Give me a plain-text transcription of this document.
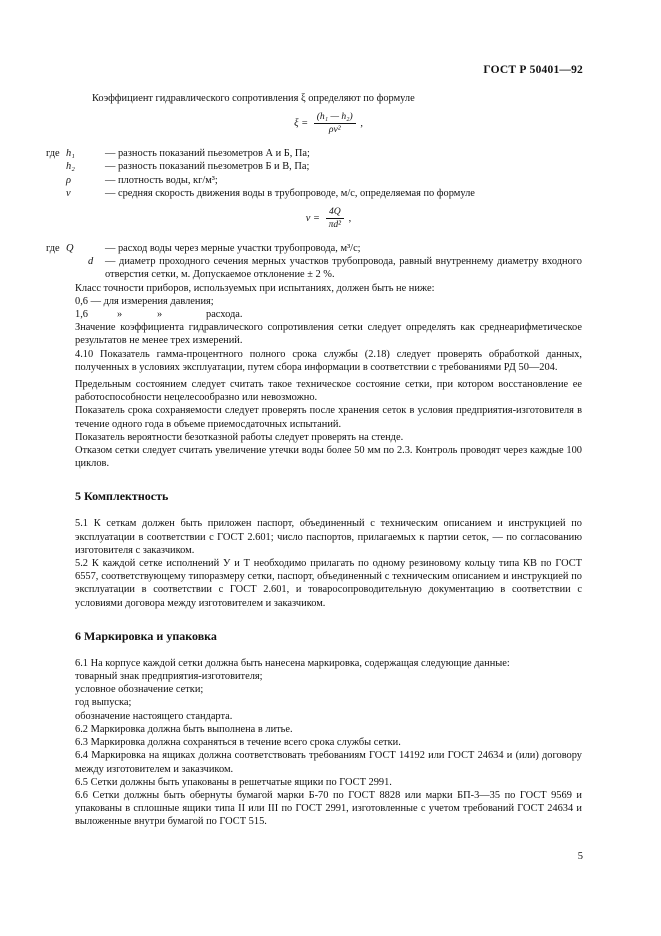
ГОСТ Р 50401—92

Коэффициент гидравлического сопротивления ξ определяют по формуле

$\xi = \frac{\text{(h₁ — h₂)}}{\text{ρv²}}$ ,
где h₁	— разность показаний пьезометров А и Б, Па;
h₂	— разность показаний пьезометров Б и В, Па;
ρ	— плотность воды, кг/м³;
v	— средняя скорость движения воды в трубопроводе, м/с, определяемая по формуле
$v = \frac{4Q}{\text{πd²}}$ ,
где Q	— расход воды через мерные участки трубопровода, м³/с;
d — диаметр проходного сечения мерных участков трубопровода, равный внутреннему диаметру входного отверстия сетки, м. Допускаемое отклонение ± 2 %.

Класс точности приборов, используемых при испытаниях, должен быть не ниже:

0,6 — для измерения давления;

1,6	»	»	расхода.

Значение коэффициента гидравлического сопротивления сетки следует определять как среднеарифметическое результатов не менее трех измерений.

4.10 Показатель гамма-процентного полного срока службы (2.18) следует проверять обработкой данных, полученных в условиях эксплуатации, путем сбора информации в соответствии с требованиями РД 50—204.

Предельным состоянием следует считать такое техническое состояние сетки, при котором восстановление ее работоспособности нецелесообразно или невозможно.

Показатель срока сохраняемости следует проверять после хранения сеток в условия предприятия-изготовителя в течение одного года в объеме приемосдаточных испытаний.

Показатель вероятности безотказной работы следует проверять на стенде.

Отказом сетки следует считать увеличение утечки воды более 50 мм по 2.3. Контроль проводят через каждые 100 циклов.

5 Комплектность

5.1 К сеткам должен быть приложен паспорт, объединенный с техническим описанием и инструкцией по эксплуатации в соответствии с ГОСТ 2.601; число паспортов, прилагаемых к партии сеток, — по согласованию изготовителя с заказчиком.

5.2 К каждой сетке исполнений У и Т необходимо прилагать по одному резиновому кольцу типа КВ по ГОСТ 6557, соответствующему типоразмеру сетки, паспорт, объединенный с техническим описанием и инструкцией по эксплуатации в соответствии с ГОСТ 2.601, и товаросопроводительную документацию в соответствии с условиями договора между изготовителем и заказчиком.

6 Маркировка и упаковка

6.1 На корпусе каждой сетки должна быть нанесена маркировка, содержащая следующие данные:

товарный знак предприятия-изготовителя;

условное обозначение сетки;

год выпуска;

обозначение настоящего стандарта.

6.2 Маркировка должна быть выполнена в литье.

6.3 Маркировка должна сохраняться в течение всего срока службы сетки.

6.4 Маркировка на ящиках должна соответствовать требованиям ГОСТ 14192 или ГОСТ 24634 и (или) договору между изготовителем и заказчиком.

6.5 Сетки должны быть упакованы в решетчатые ящики по ГОСТ 2991.

6.6 Сетки должны быть обернуты бумагой марки Б-70 по ГОСТ 8828 или марки БП-3—35 по ГОСТ 9569 и упакованы в сплошные ящики типа II или III по ГОСТ 2991, изготовленные с учетом требований ГОСТ 24634 и выложенные внутри бумагой по ГОСТ 515.

5
